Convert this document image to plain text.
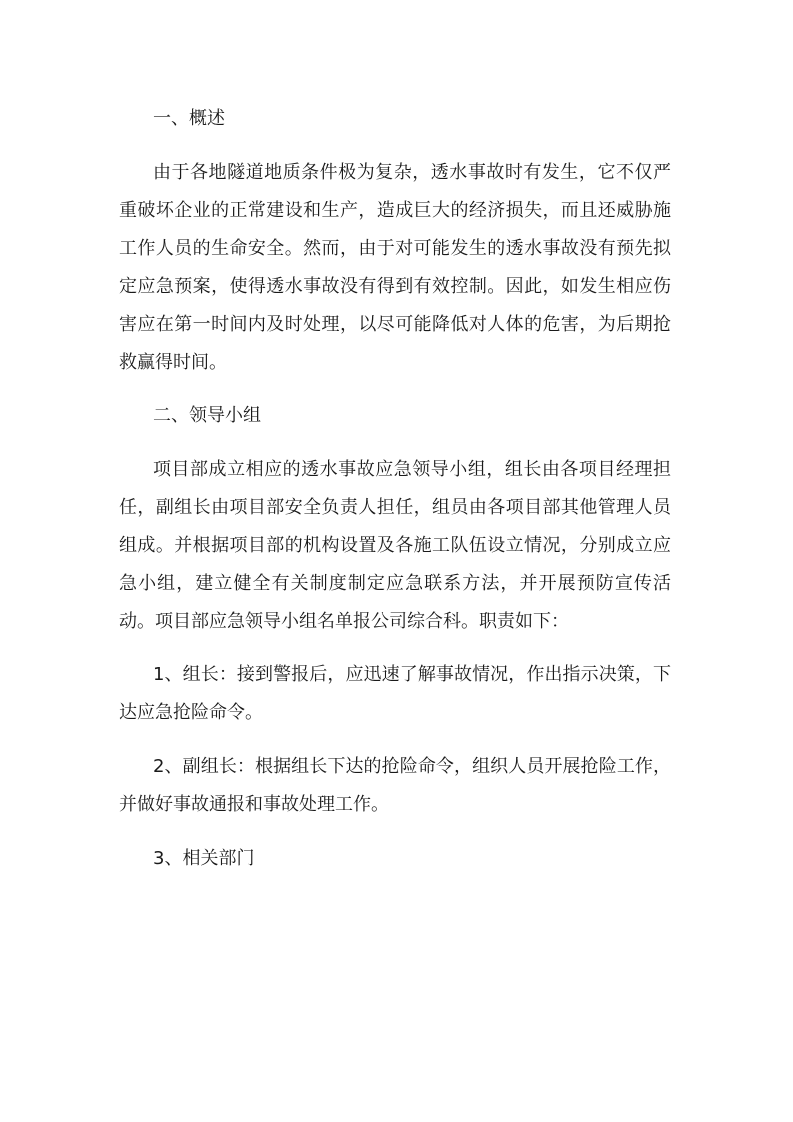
一、概述

由于各地隧道地质条件极为复杂，透水事故时有发生，它不仅严重破坏企业的正常建设和生产，造成巨大的经济损失，而且还威胁施工作人员的生命安全。然而，由于对可能发生的透水事故没有预先拟定应急预案，使得透水事故没有得到有效控制。因此，如发生相应伤害应在第一时间内及时处理，以尽可能降低对人体的危害，为后期抢救赢得时间。

二、领导小组

项目部成立相应的透水事故应急领导小组，组长由各项目经理担任，副组长由项目部安全负责人担任，组员由各项目部其他管理人员组成。并根据项目部的机构设置及各施工队伍设立情况，分别成立应急小组，建立健全有关制度制定应急联系方法，并开展预防宣传活动。项目部应急领导小组名单报公司综合科。职责如下：

1、组长：接到警报后，应迅速了解事故情况，作出指示决策，下达应急抢险命令。

2、副组长：根据组长下达的抢险命令，组织人员开展抢险工作，并做好事故通报和事故处理工作。

3、相关部门
